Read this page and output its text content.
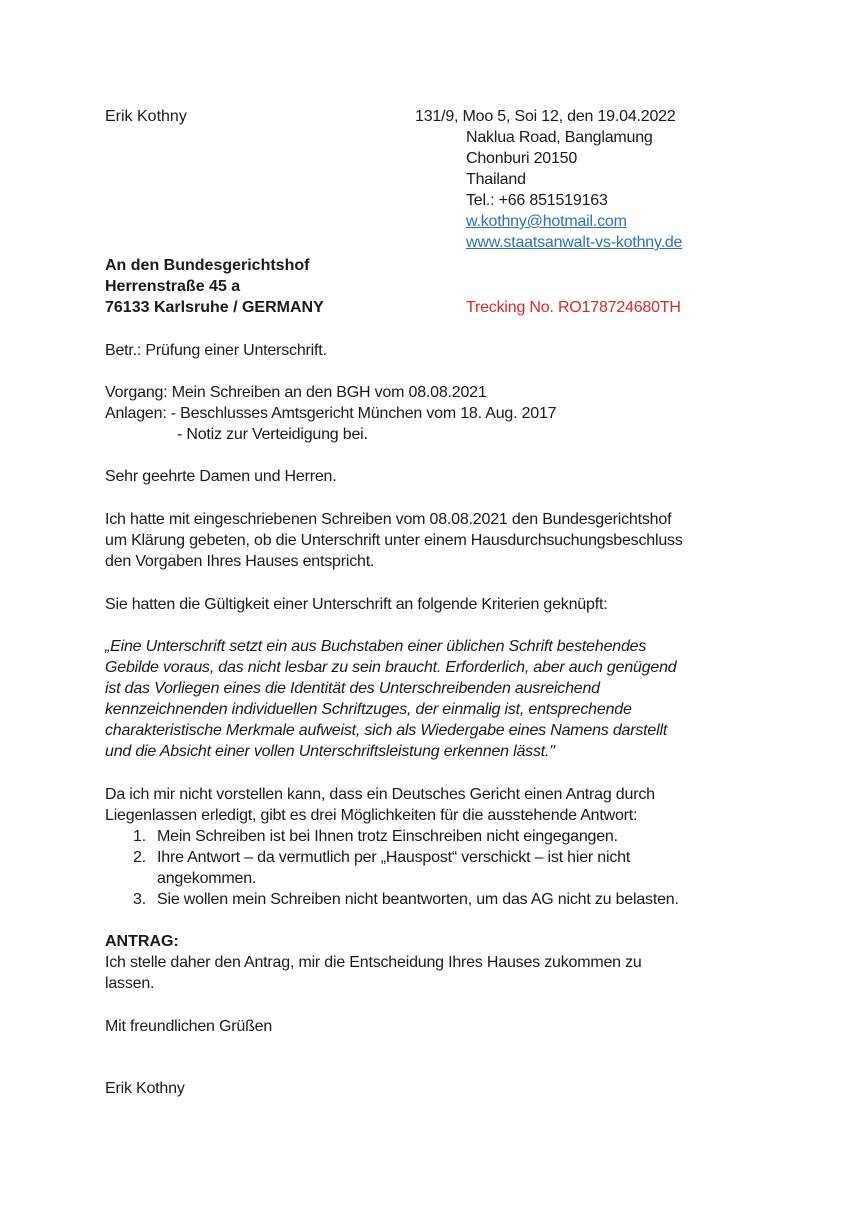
Erik Kothny	131/9, Moo 5, Soi 12, den 19.04.2022
Naklua Road, Banglamung
Chonburi 20150
Thailand
Tel.: +66 851519163
w.kothny@hotmail.com
www.staatsanwalt-vs-kothny.de
An den Bundesgerichtshof
Herrenstraße 45 a
76133 Karlsruhe / GERMANY	Trecking No. RO178724680TH
Betr.: Prüfung einer Unterschrift.
Vorgang: Mein Schreiben an den BGH vom 08.08.2021
Anlagen: - Beschlusses Amtsgericht München vom 18. Aug. 2017
- Notiz zur Verteidigung bei.
Sehr geehrte Damen und Herren.
Ich hatte mit eingeschriebenen Schreiben vom 08.08.2021 den Bundesgerichtshof
um Klärung gebeten, ob die Unterschrift unter einem Hausdurchsuchungsbeschluss
den Vorgaben Ihres Hauses entspricht.
Sie hatten die Gültigkeit einer Unterschrift an folgende Kriterien geknüpft:
„Eine Unterschrift setzt ein aus Buchstaben einer üblichen Schrift bestehendes
Gebilde voraus, das nicht lesbar zu sein braucht. Erforderlich, aber auch genügend
ist das Vorliegen eines die Identität des Unterschreibenden ausreichend
kennzeichnenden individuellen Schriftzuges, der einmalig ist, entsprechende
charakteristische Merkmale aufweist, sich als Wiedergabe eines Namens darstellt
und die Absicht einer vollen Unterschriftsleistung erkennen lässt."
Da ich mir nicht vorstellen kann, dass ein Deutsches Gericht einen Antrag durch
Liegenlassen erledigt, gibt es drei Möglichkeiten für die ausstehende Antwort:
1. Mein Schreiben ist bei Ihnen trotz Einschreiben nicht eingegangen.
2. Ihre Antwort – da vermutlich per „Hauspost“ verschickt – ist hier nicht
angekommen.
3. Sie wollen mein Schreiben nicht beantworten, um das AG nicht zu belasten.
ANTRAG:
Ich stelle daher den Antrag, mir die Entscheidung Ihres Hauses zukommen zu
lassen.
Mit freundlichen Grüßen
Erik Kothny
